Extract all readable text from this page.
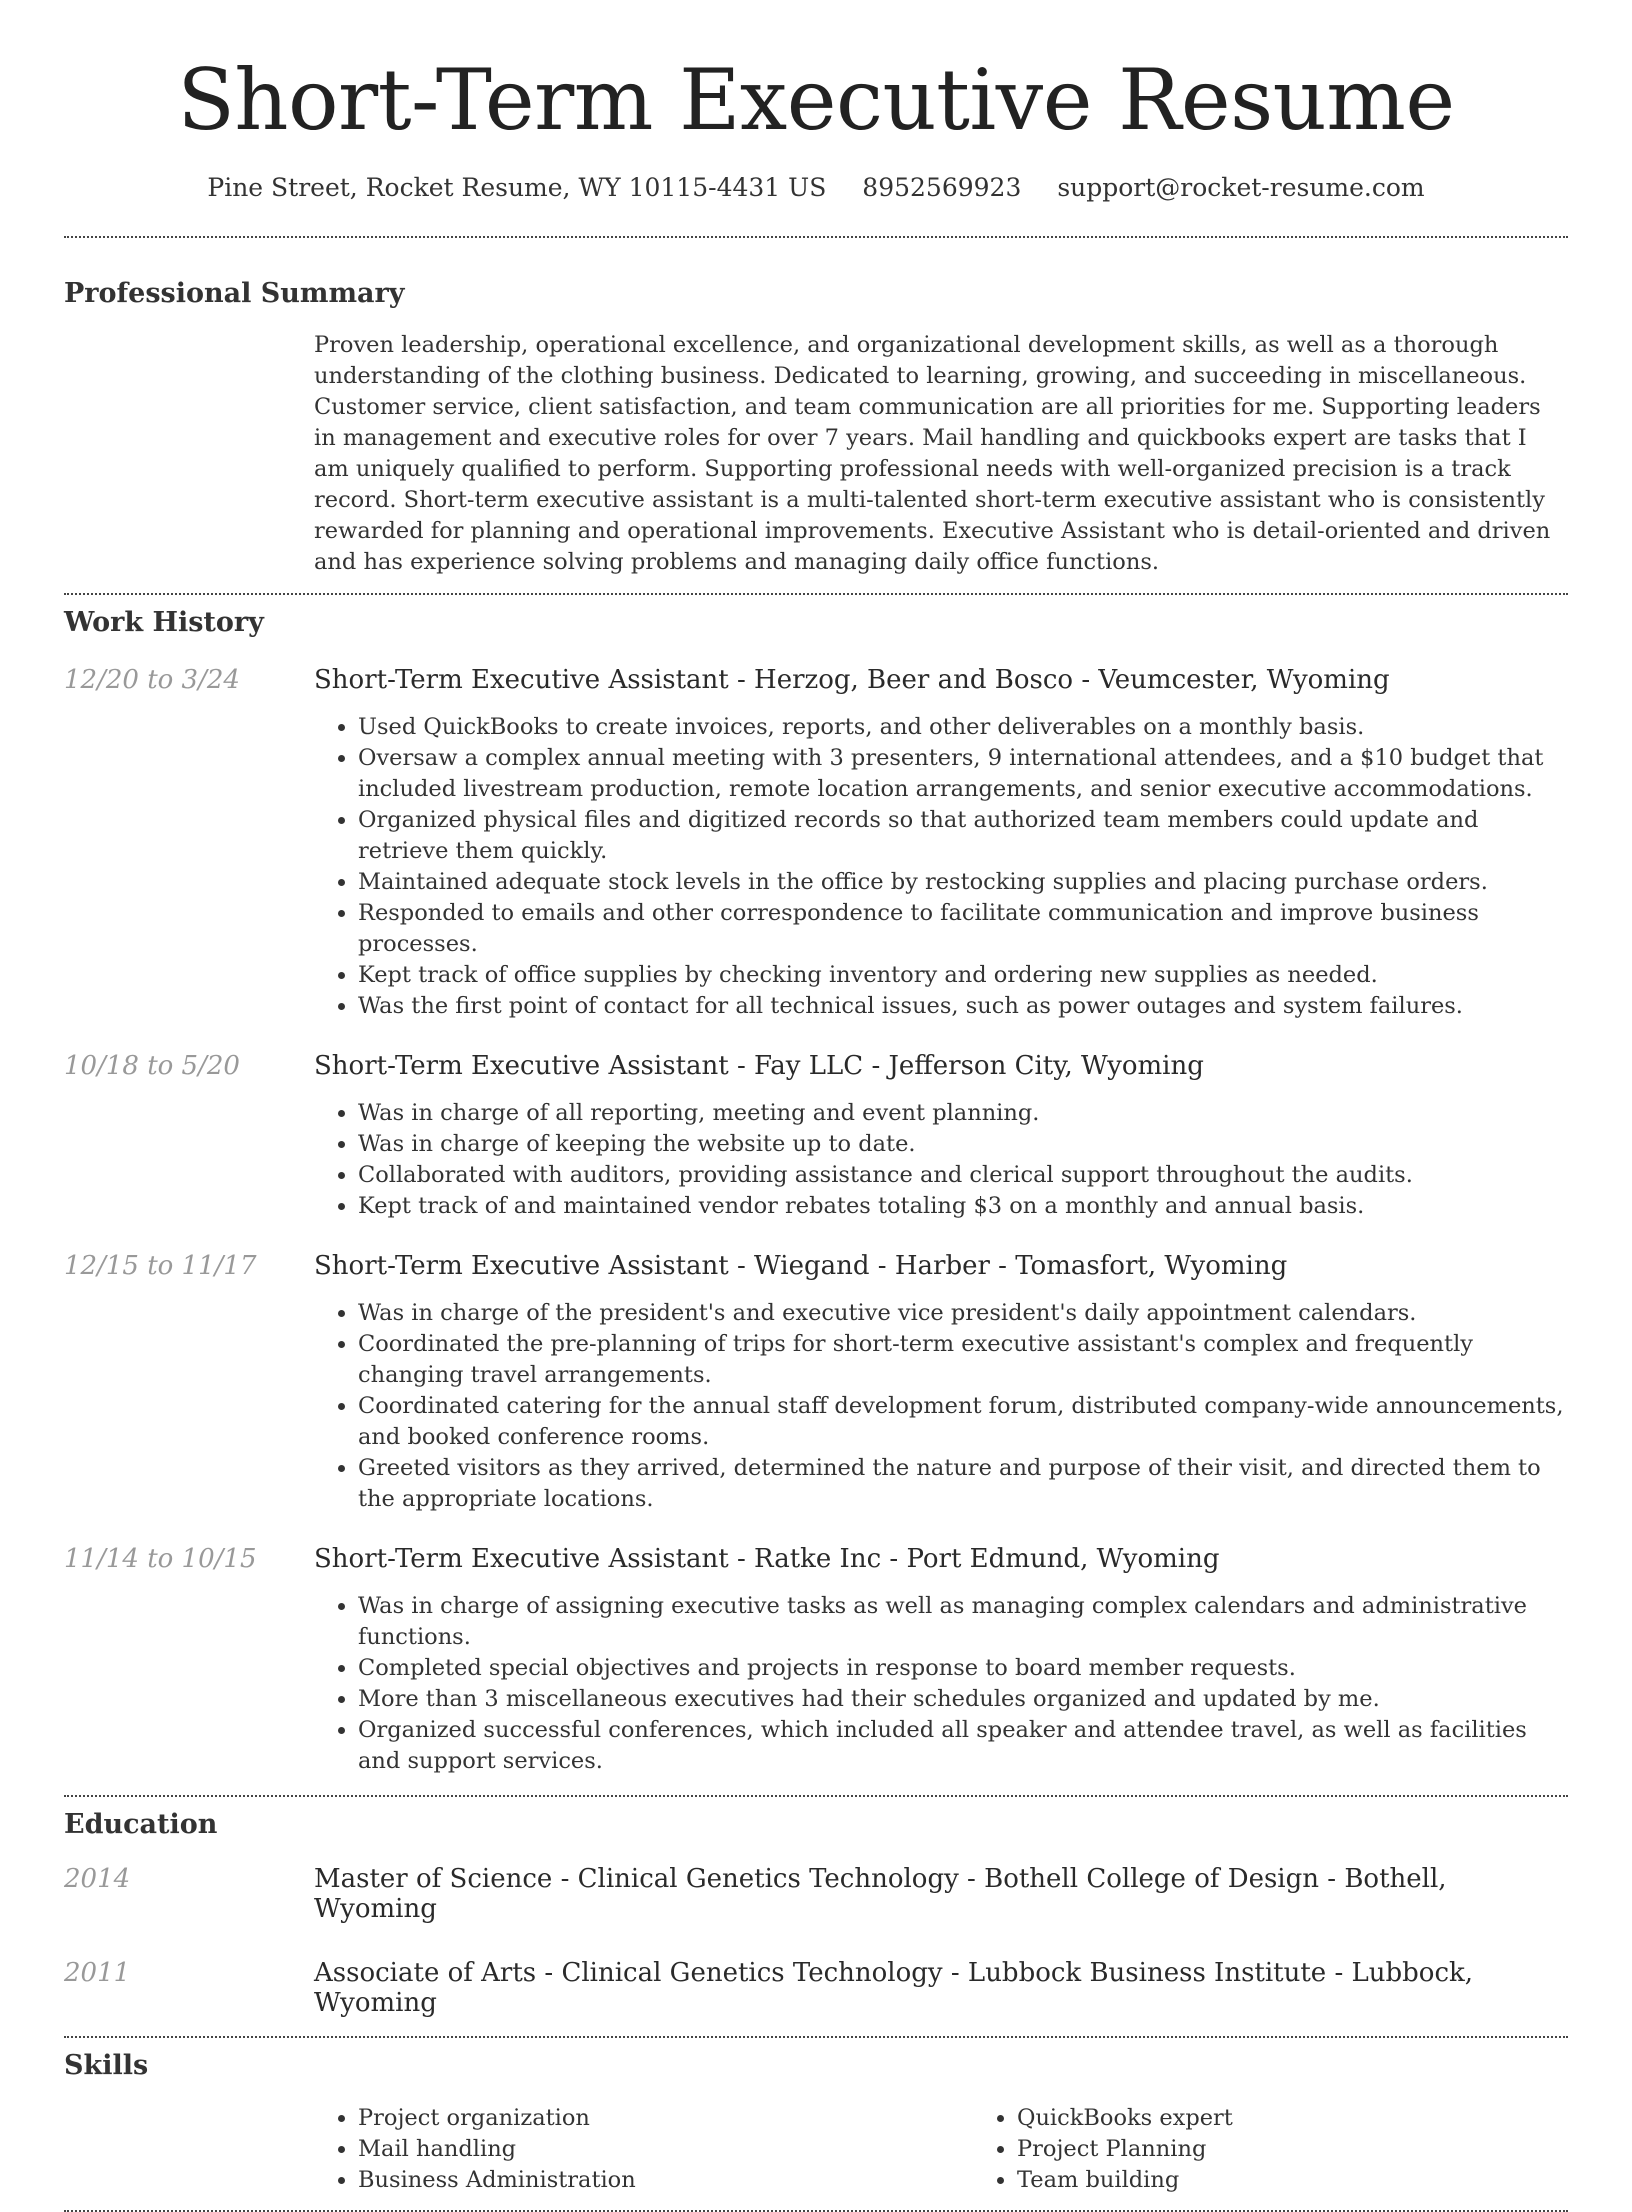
Short-Term Executive Resume
Pine Street, Rocket Resume, WY 10115-4431 US 8952569923 support@rocket-resume.com
Professional Summary

Proven leadership, operational excellence, and organizational development skills, as well as a thorough understanding of the clothing business. Dedicated to learning, growing, and succeeding in miscellaneous. Customer service, client satisfaction, and team communication are all priorities for me. Supporting leaders in management and executive roles for over 7 years. Mail handling and quickbooks expert are tasks that I am uniquely qualified to perform. Supporting professional needs with well-organized precision is a track record. Short-term executive assistant is a multi-talented short-term executive assistant who is consistently rewarded for planning and operational improvements. Executive Assistant who is detail-oriented and driven and has experience solving problems and managing daily office functions.

Work History
12/20 to 3/24	Short-Term Executive Assistant - Herzog, Beer and Bosco - Veumcester, Wyoming
• Used QuickBooks to create invoices, reports, and other deliverables on a monthly basis.
• Oversaw a complex annual meeting with 3 presenters, 9 international attendees, and a $10 budget that included livestream production, remote location arrangements, and senior executive accommodations.
• Organized physical files and digitized records so that authorized team members could update and retrieve them quickly.
• Maintained adequate stock levels in the office by restocking supplies and placing purchase orders.
• Responded to emails and other correspondence to facilitate communication and improve business processes.
• Kept track of office supplies by checking inventory and ordering new supplies as needed.
• Was the first point of contact for all technical issues, such as power outages and system failures.
10/18 to 5/20	Short-Term Executive Assistant - Fay LLC - Jefferson City, Wyoming
• Was in charge of all reporting, meeting and event planning.
• Was in charge of keeping the website up to date.
• Collaborated with auditors, providing assistance and clerical support throughout the audits.
• Kept track of and maintained vendor rebates totaling $3 on a monthly and annual basis.
12/15 to 11/17	Short-Term Executive Assistant - Wiegand - Harber - Tomasfort, Wyoming
• Was in charge of the president's and executive vice president's daily appointment calendars.
• Coordinated the pre-planning of trips for short-term executive assistant's complex and frequently changing travel arrangements.
• Coordinated catering for the annual staff development forum, distributed company-wide announcements, and booked conference rooms.
• Greeted visitors as they arrived, determined the nature and purpose of their visit, and directed them to the appropriate locations.
11/14 to 10/15	Short-Term Executive Assistant - Ratke Inc - Port Edmund, Wyoming
• Was in charge of assigning executive tasks as well as managing complex calendars and administrative functions.
• Completed special objectives and projects in response to board member requests.
• More than 3 miscellaneous executives had their schedules organized and updated by me.
• Organized successful conferences, which included all speaker and attendee travel, as well as facilities and support services.
Education
2014	Master of Science - Clinical Genetics Technology - Bothell College of Design - Bothell, Wyoming
2011	Associate of Arts - Clinical Genetics Technology - Lubbock Business Institute - Lubbock, Wyoming
Skills
• Project organization
• Mail handling
• Business Administration
• QuickBooks expert
• Project Planning
• Team building
